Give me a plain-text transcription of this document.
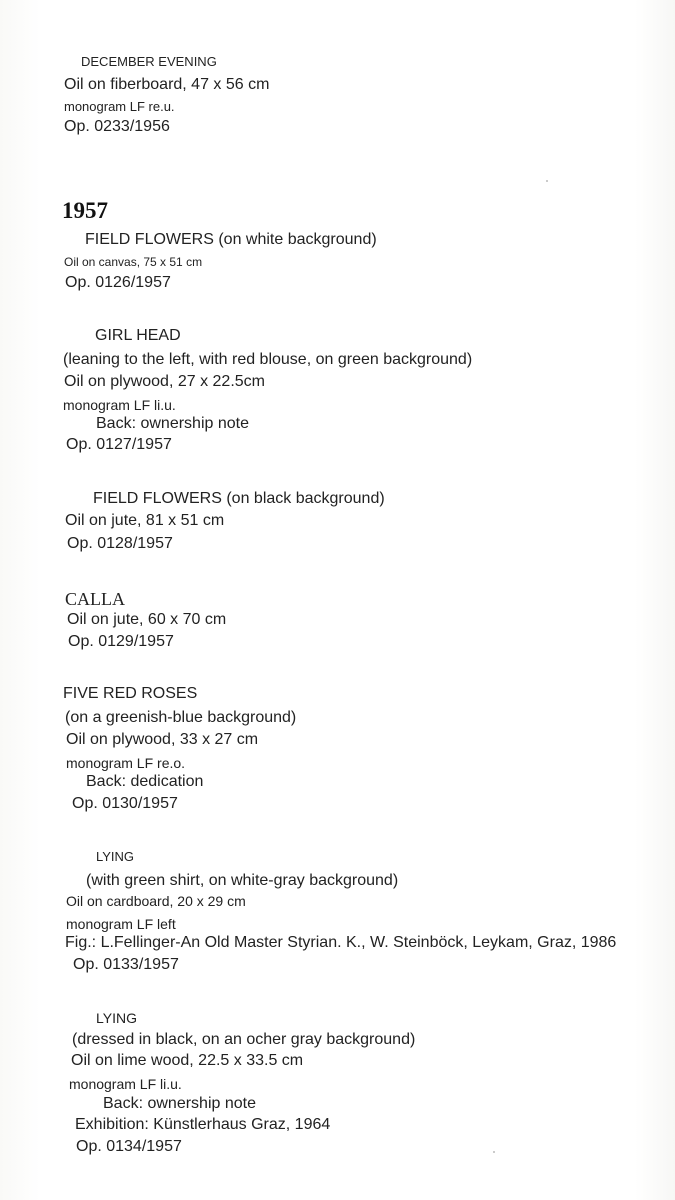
DECEMBER EVENING
Oil on fiberboard, 47 x 56 cm
monogram LF re.u.
Op. 0233/1956
1957
FIELD FLOWERS (on white background)
Oil on canvas, 75 x 51 cm
Op. 0126/1957
GIRL HEAD
(leaning to the left, with red blouse, on green background)
Oil on plywood, 27 x 22.5cm
monogram LF li.u.
Back: ownership note
Op. 0127/1957
FIELD FLOWERS (on black background)
Oil on jute, 81 x 51 cm
Op. 0128/1957
CALLA
Oil on jute, 60 x 70 cm
Op. 0129/1957
FIVE RED ROSES
(on a greenish-blue background)
Oil on plywood, 33 x 27 cm
monogram LF re.o.
Back: dedication
Op. 0130/1957
LYING
(with green shirt, on white-gray background)
Oil on cardboard, 20 x 29 cm
monogram LF left
Fig.: L.Fellinger-An Old Master Styrian. K., W. Steinböck, Leykam, Graz, 1986
Op. 0133/1957
LYING
(dressed in black, on an ocher gray background)
Oil on lime wood, 22.5 x 33.5 cm
monogram LF li.u.
Back: ownership note
Exhibition: Künstlerhaus Graz, 1964
Op. 0134/1957
